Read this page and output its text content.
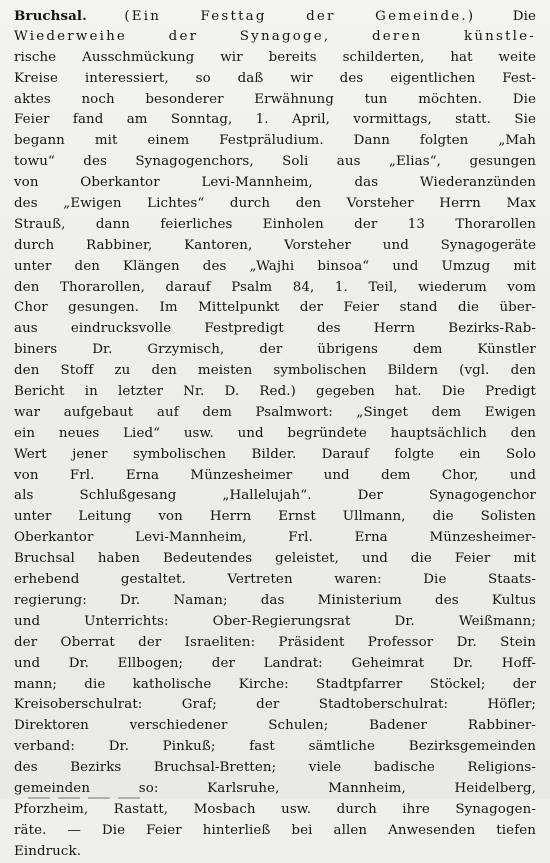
Bruchsal.	(Ein Festtag der Gemeinde.)	Die
Wiederweihe der Synagoge, deren künstle-
rische Ausschmückung wir bereits schilderten, hat weite
Kreise interessiert, so daß wir des eigentlichen Fest-
aktes noch besonderer Erwähnung tun möchten. Die
Feier fand am Sonntag, 1. April, vormittags, statt. Sie
begann mit einem Festpräludium. Dann folgten „Mah
towu“ des Synagogenchors, Soli aus „Elias“, gesungen
von Oberkantor Levi-Mannheim, das Wiederanzünden
des „Ewigen Lichtes“ durch den Vorsteher Herrn Max
Strauß, dann feierliches Einholen der 13 Thorarollen
durch Rabbiner, Kantoren, Vorsteher und Synagogeräte
unter den Klängen des „Wajhi binsoa“ und Umzug mit
den Thorarollen, darauf Psalm 84, 1. Teil, wiederum vom
Chor gesungen. Im Mittelpunkt der Feier stand die über-
aus eindrucksvolle Festpredigt des Herrn Bezirks-Rab-
biners Dr. Grzymisch, der übrigens dem Künstler
den Stoff zu den meisten symbolischen Bildern (vgl. den
Bericht in letzter Nr. D. Red.) gegeben hat. Die Predigt
war aufgebaut auf dem Psalmwort: „Singet dem Ewigen
ein neues Lied“ usw. und begründete hauptsächlich den
Wert jener symbolischen Bilder. Darauf folgte ein Solo
von Frl. Erna Münzesheimer und dem Chor, und
als Schlußgesang „Hallelujah“. Der Synagogenchor
unter Leitung von Herrn Ernst Ullmann, die Solisten
Oberkantor Levi-Mannheim, Frl. Erna Münzesheimer-
Bruchsal haben Bedeutendes geleistet, und die Feier mit
erhebend gestaltet. Vertreten waren: Die Staats-
regierung: Dr. Naman; das Ministerium des Kultus
und Unterrichts: Ober-Regierungsrat Dr. Weißmann;
der Oberrat der Israeliten: Präsident Professor Dr. Stein
und Dr. Ellbogen; der Landrat: Geheimrat Dr. Hoff-
mann; die katholische Kirche: Stadtpfarrer Stöckel; der
Kreisoberschulrat: Graf; der Stadtoberschulrat: Höfler;
Direktoren verschiedener Schulen; Badener Rabbiner-
verband: Dr. Pinkuß; fast sämtliche Bezirksgemeinden
des Bezirks Bruchsal-Bretten; viele badische Religions-
gemeinden so: Karlsruhe, Mannheim, Heidelberg,
Pforzheim, Rastatt, Mosbach usw. durch ihre Synagogen-
räte. — Die Feier hinterließ bei allen Anwesenden tiefen
Eindruck.
